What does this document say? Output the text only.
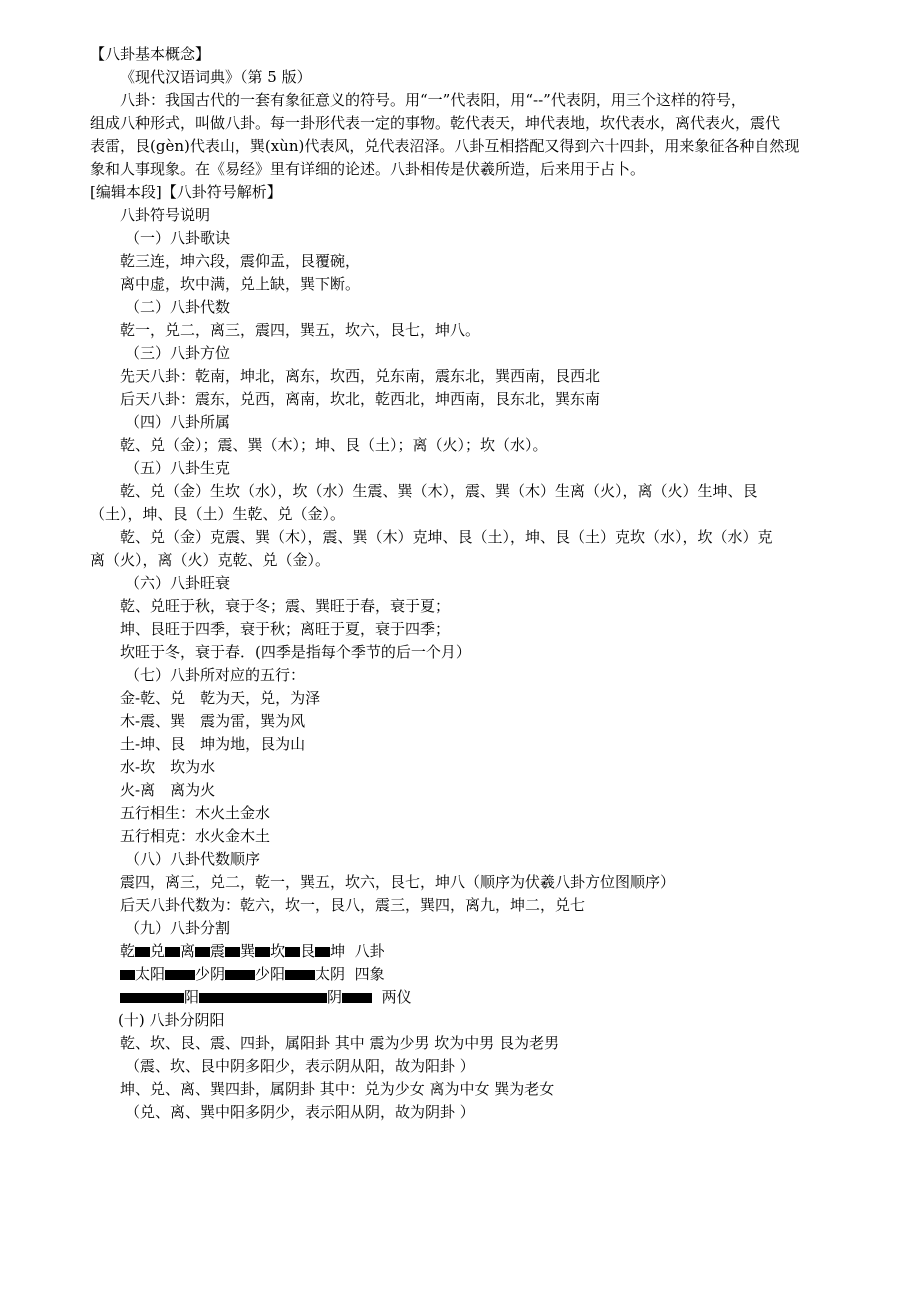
【八卦基本概念】
《现代汉语词典》（第 5 版）
八卦：我国古代的一套有象征意义的符号。用“一”代表阳，用“--”代表阴，用三个这样的符号，
组成八种形式，叫做八卦。每一卦形代表一定的事物。乾代表天，坤代表地，坎代表水，离代表火，震代
表雷，艮(gèn)代表山，巽(xùn)代表风，兑代表沼泽。八卦互相搭配又得到六十四卦，用来象征各种自然现
象和人事现象。在《易经》里有详细的论述。八卦相传是伏羲所造，后来用于占卜。
[编辑本段]【八卦符号解析】
八卦符号说明
（一）八卦歌诀
乾三连，坤六段，震仰盂，艮覆碗，
离中虚，坎中满，兑上缺，巽下断。
（二）八卦代数
乾一，兑二，离三，震四，巽五，坎六，艮七，坤八。
（三）八卦方位
先天八卦：乾南，坤北，离东，坎西，兑东南，震东北，巽西南，艮西北
后天八卦：震东，兑西，离南，坎北，乾西北，坤西南，艮东北，巽东南
（四）八卦所属
乾、兑（金）；震、巽（木）；坤、艮（土）；离（火）；坎（水）。
（五）八卦生克
乾、兑（金）生坎（水），坎（水）生震、巽（木），震、巽（木）生离（火），离（火）生坤、艮
（土），坤、艮（土）生乾、兑（金）。
乾、兑（金）克震、巽（木），震、巽（木）克坤、艮（土），坤、艮（土）克坎（水），坎（水）克
离（火），离（火）克乾、兑（金）。
（六）八卦旺衰
乾、兑旺于秋，衰于冬；震、巽旺于春，衰于夏；
坤、艮旺于四季，衰于秋；离旺于夏，衰于四季；
坎旺于冬，衰于春．(四季是指每个季节的后一个月）
（七）八卦所对应的五行：
金-乾、兑　乾为天，兑，为泽
木-震、巽　震为雷，巽为风
土-坤、艮　坤为地，艮为山
水-坎　坎为水
火-离　离为火
五行相生：木火土金水
五行相克：水火金木土
（八）八卦代数顺序
震四，离三，兑二，乾一，巽五，坎六，艮七，坤八（顺序为伏羲八卦方位图顺序）
后天八卦代数为：乾六，坎一，艮八，震三，巽四，离九，坤二，兑七
（九）八卦分割
乾 兑 离 震 巽 坎 艮 坤 八卦
太阳 少阴 少阳 太阴 四象
阳	阴	两仪
(十) 八卦分阴阳
乾、坎、艮、震、四卦，属阳卦 其中 震为少男 坎为中男 艮为老男
（震、坎、艮中阴多阳少，表示阴从阳，故为阳卦 ）
坤、兑、离、巽四卦，属阴卦 其中：兑为少女 离为中女 巽为老女
（兑、离、巽中阳多阴少，表示阳从阴，故为阴卦 ）
